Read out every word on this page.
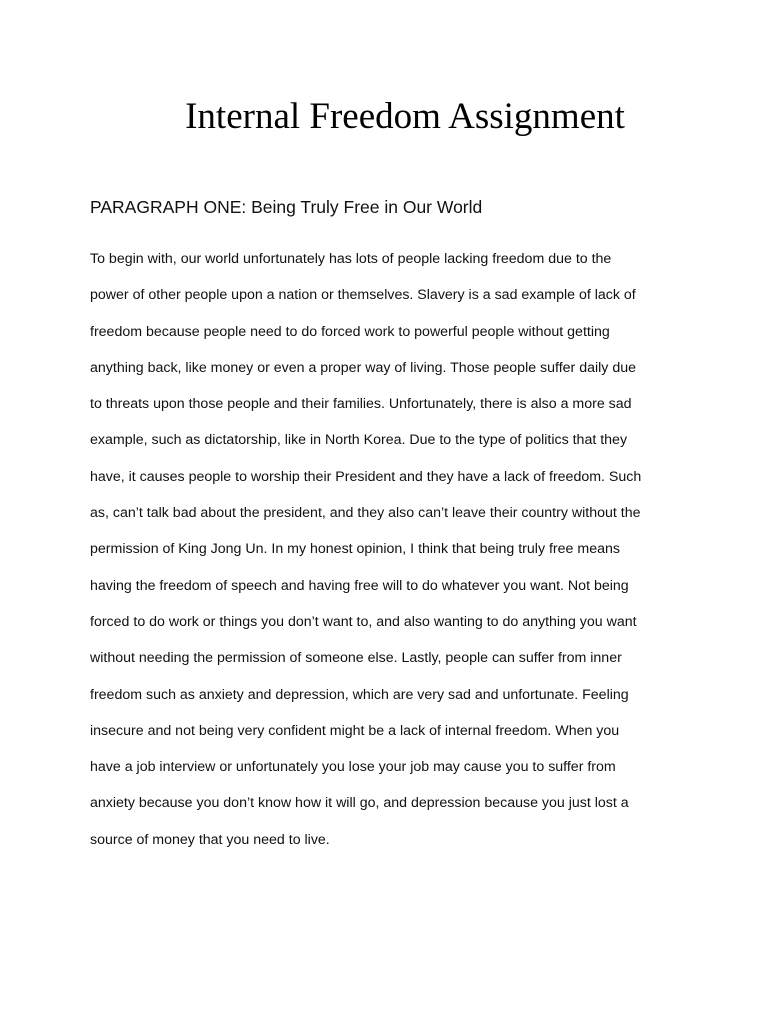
Internal Freedom Assignment
PARAGRAPH ONE: Being Truly Free in Our World
To begin with, our world unfortunately has lots of people lacking freedom due to the
power of other people upon a nation or themselves. Slavery is a sad example of lack of
freedom because people need to do forced work to powerful people without getting
anything back, like money or even a proper way of living. Those people suffer daily due
to threats upon those people and their families. Unfortunately, there is also a more sad
example, such as dictatorship, like in North Korea. Due to the type of politics that they
have, it causes people to worship their President and they have a lack of freedom. Such
as, can’t talk bad about the president, and they also can’t leave their country without the
permission of King Jong Un. In my honest opinion, I think that being truly free means
having the freedom of speech and having free will to do whatever you want. Not being
forced to do work or things you don’t want to, and also wanting to do anything you want
without needing the permission of someone else. Lastly, people can suffer from inner
freedom such as anxiety and depression, which are very sad and unfortunate. Feeling
insecure and not being very confident might be a lack of internal freedom. When you
have a job interview or unfortunately you lose your job may cause you to suffer from
anxiety because you don’t know how it will go, and depression because you just lost a
source of money that you need to live.
